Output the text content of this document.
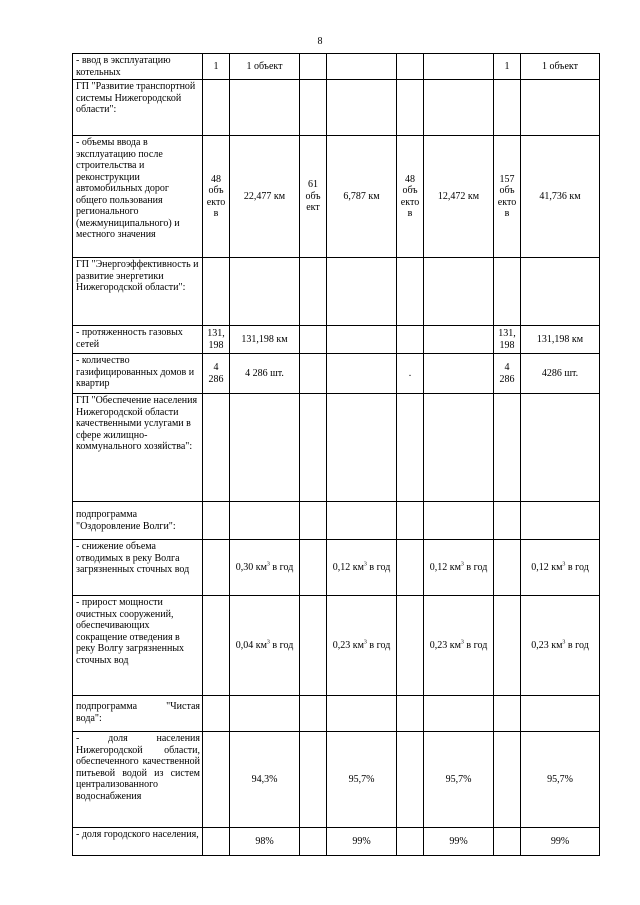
8
- ввод в эксплуатацию котельных	1	1 объект					1	1 объект
ГП "Развитие транспортной системы Нижегородской области":								
- объемы ввода в эксплуатацию после строительства и реконструкции автомобильных дорог общего пользования регионального (межмуниципального) и местного значения	48 объ екто в	22,477 км	61 объ ект	6,787 км	48 объ екто в	12,472 км	157 объ екто в	41,736 км
ГП "Энергоэффективность и развитие энергетики Нижегородской области":								
- протяженность газовых сетей	131, 198	131,198 км					131, 198	131,198 км
- количество газифицированных домов и квартир	4 286	4 286 шт.			.		4 286	4286 шт.
ГП "Обеспечение населения Нижегородской области качественными услугами в сфере жилищно-коммунального хозяйства":								
подпрограмма "Оздоровление Волги":								
- снижение объема отводимых в реку Волга загрязненных сточных вод		0,30 $км^3$ в год		0,12 $км^3$ в год		0,12 $км^3$ в год		0,12 $км^3$ в год
- прирост мощности очистных сооружений, обеспечивающих сокращение отведения в реку Волгу загрязненных сточных вод		0,04 $км^3$ в год		0,23 $км^3$ в год		0,23 $км^3$ в год		0,23 $км^3$ в год
подпрограмма "Чистая вода":								
- доля населения Нижегородской области, обеспеченного качественной питьевой водой из систем централизованного водоснабжения		94,3%		95,7%		95,7%		95,7%
- доля городского населения,		98%		99%		99%		99%
